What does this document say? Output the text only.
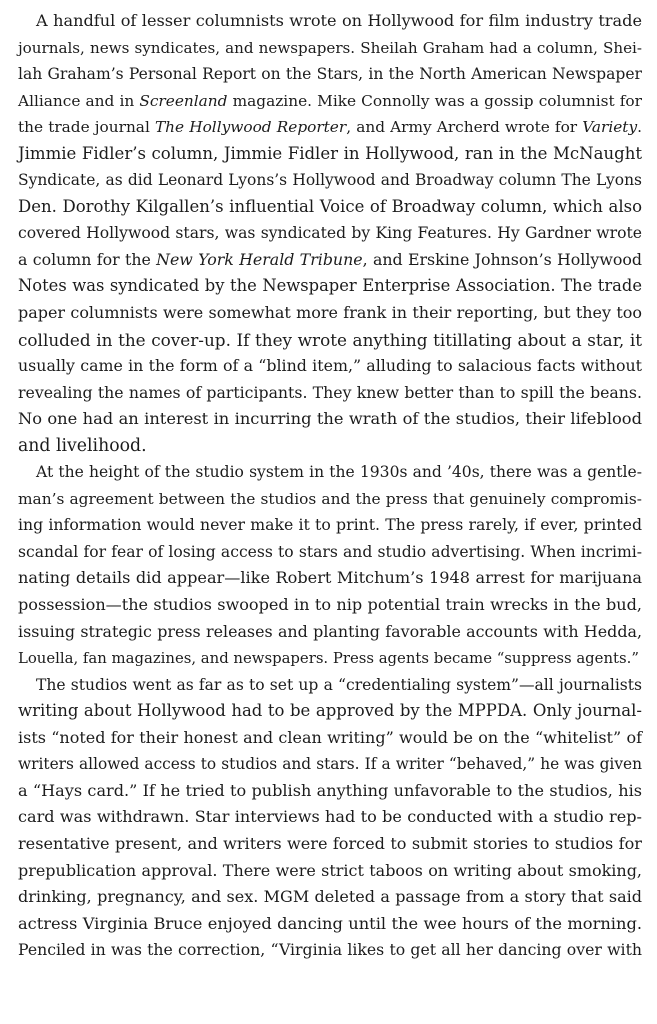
A handful of lesser columnists wrote on Hollywood for film industry trade
journals, news syndicates, and newspapers. Sheilah Graham had a column, Shei-
lah Graham’s Personal Report on the Stars, in the North American Newspaper
Alliance and in Screenland magazine. Mike Connolly was a gossip columnist for
the trade journal The Hollywood Reporter, and Army Archerd wrote for Variety.
Jimmie Fidler’s column, Jimmie Fidler in Hollywood, ran in the McNaught
Syndicate, as did Leonard Lyons’s Hollywood and Broadway column The Lyons
Den. Dorothy Kilgallen’s influential Voice of Broadway column, which also
covered Hollywood stars, was syndicated by King Features. Hy Gardner wrote
a column for the New York Herald Tribune, and Erskine Johnson’s Hollywood
Notes was syndicated by the Newspaper Enterprise Association. The trade
paper columnists were somewhat more frank in their reporting, but they too
colluded in the cover-up. If they wrote anything titillating about a star, it
usually came in the form of a “blind item,” alluding to salacious facts without
revealing the names of participants. They knew better than to spill the beans.
No one had an interest in incurring the wrath of the studios, their lifeblood
and livelihood.
At the height of the studio system in the 1930s and ’40s, there was a gentle-
man’s agreement between the studios and the press that genuinely compromis-
ing information would never make it to print. The press rarely, if ever, printed
scandal for fear of losing access to stars and studio advertising. When incrimi-
nating details did appear—like Robert Mitchum’s 1948 arrest for marijuana
possession—the studios swooped in to nip potential train wrecks in the bud,
issuing strategic press releases and planting favorable accounts with Hedda,
Louella, fan magazines, and newspapers. Press agents became “suppress agents.”
The studios went as far as to set up a “credentialing system”—all journalists
writing about Hollywood had to be approved by the MPPDA. Only journal-
ists “noted for their honest and clean writing” would be on the “whitelist” of
writers allowed access to studios and stars. If a writer “behaved,” he was given
a “Hays card.” If he tried to publish anything unfavorable to the studios, his
card was withdrawn. Star interviews had to be conducted with a studio rep-
resentative present, and writers were forced to submit stories to studios for
prepublication approval. There were strict taboos on writing about smoking,
drinking, pregnancy, and sex. MGM deleted a passage from a story that said
actress Virginia Bruce enjoyed dancing until the wee hours of the morning.
Penciled in was the correction, “Virginia likes to get all her dancing over with
